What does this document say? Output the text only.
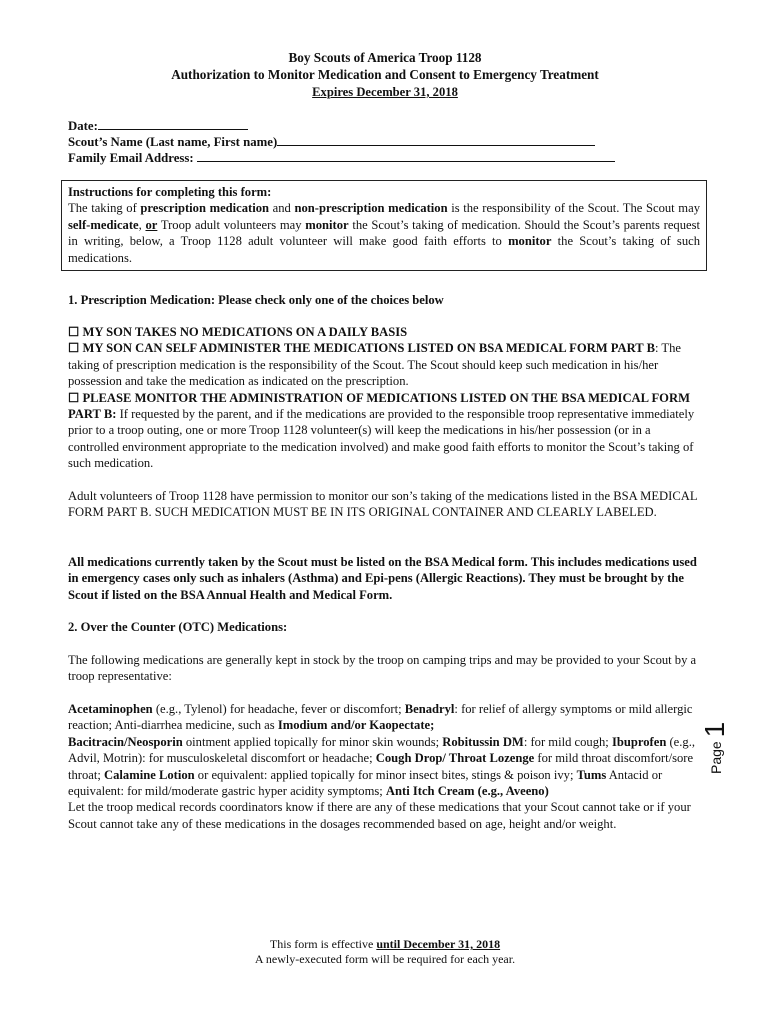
Boy Scouts of America Troop 1128
Authorization to Monitor Medication and Consent to Emergency Treatment
Expires December 31, 2018
Date:
Scout’s Name (Last name, First name)
Family Email Address:
Instructions for completing this form:
The taking of prescription medication and non-prescription medication is the responsibility of the Scout. The Scout may self-medicate, or Troop adult volunteers may monitor the Scout’s taking of medication. Should the Scout’s parents request in writing, below, a Troop 1128 adult volunteer will make good faith efforts to monitor the Scout’s taking of such medications.
1. Prescription Medication: Please check only one of the choices below
☐ MY SON TAKES NO MEDICATIONS ON A DAILY BASIS
☐ MY SON CAN SELF ADMINISTER THE MEDICATIONS LISTED ON BSA MEDICAL FORM PART B: The taking of prescription medication is the responsibility of the Scout. The Scout should keep such medication in his/her possession and take the medication as indicated on the prescription.
☐ PLEASE MONITOR THE ADMINISTRATION OF MEDICATIONS LISTED ON THE BSA MEDICAL FORM PART B: If requested by the parent, and if the medications are provided to the responsible troop representative immediately prior to a troop outing, one or more Troop 1128 volunteer(s) will keep the medications in his/her possession (or in a controlled environment appropriate to the medication involved) and make good faith efforts to monitor the Scout’s taking of such medication.
Adult volunteers of Troop 1128 have permission to monitor our son’s taking of the medications listed in the BSA MEDICAL FORM PART B. SUCH MEDICATION MUST BE IN ITS ORIGINAL CONTAINER AND CLEARLY LABELED.
All medications currently taken by the Scout must be listed on the BSA Medical form. This includes medications used in emergency cases only such as inhalers (Asthma) and Epi-pens (Allergic Reactions). They must be brought by the Scout if listed on the BSA Annual Health and Medical Form.
2. Over the Counter (OTC) Medications:
The following medications are generally kept in stock by the troop on camping trips and may be provided to your Scout by a troop representative:
Acetaminophen (e.g., Tylenol) for headache, fever or discomfort; Benadryl: for relief of allergy symptoms or mild allergic reaction; Anti-diarrhea medicine, such as Imodium and/or Kaopectate;
Bacitracin/Neosporin ointment applied topically for minor skin wounds; Robitussin DM: for mild cough; Ibuprofen (e.g., Advil, Motrin): for musculoskeletal discomfort or headache; Cough Drop/ Throat Lozenge for mild throat discomfort/sore throat; Calamine Lotion or equivalent: applied topically for minor insect bites, stings & poison ivy; Tums Antacid or equivalent: for mild/moderate gastric hyper acidity symptoms; Anti Itch Cream (e.g., Aveeno)
Let the troop medical records coordinators know if there are any of these medications that your Scout cannot take or if your Scout cannot take any of these medications in the dosages recommended based on age, height and/or weight.
This form is effective until December 31, 2018
A newly-executed form will be required for each year.
Page 1
